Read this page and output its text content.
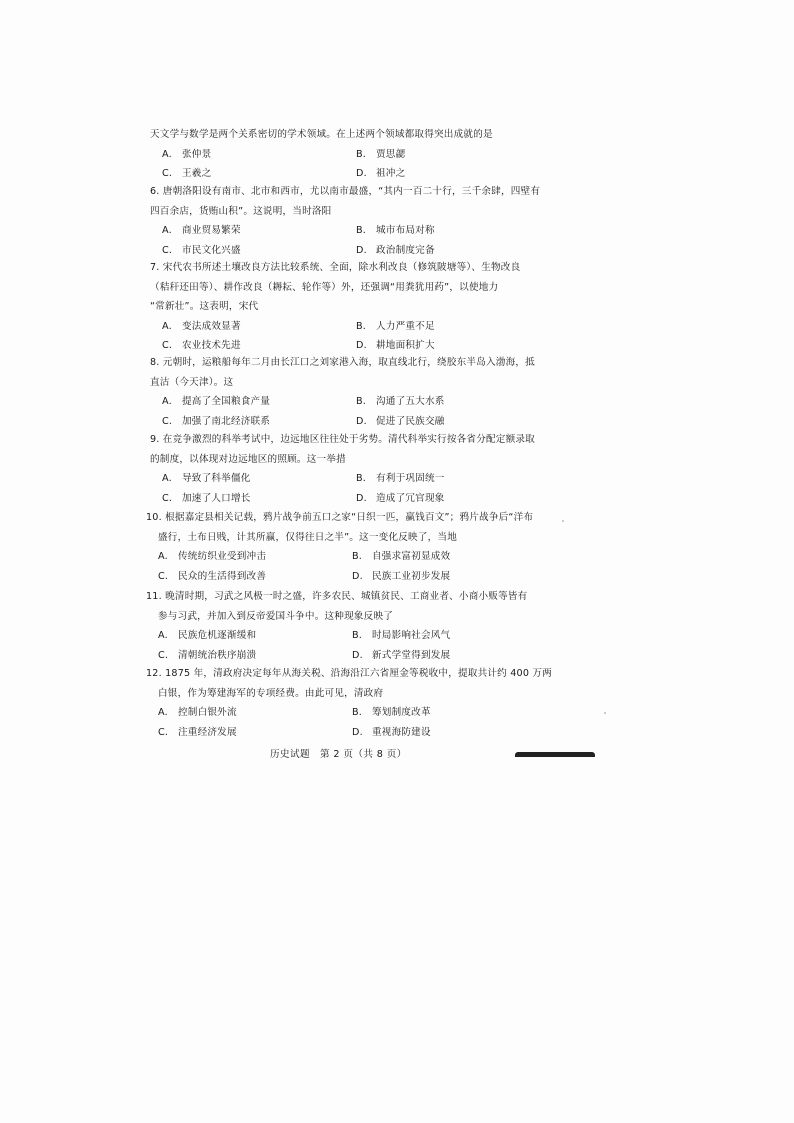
天文学与数学是两个关系密切的学术领域。在上述两个领域都取得突出成就的是
A.	张仲景	B.	贾思勰
C.	王羲之	D. 祖冲之
6. 唐朝洛阳设有南市、北市和西市，尤以南市最盛，“其内一百二十行，三千余肆，四壁有
四百余店，货贿山积”。这说明，当时洛阳
A.	商业贸易繁荣	B.	城市布局对称
C.	市民文化兴盛	D. 政治制度完备
7. 宋代农书所述土壤改良方法比较系统、全面，除水利改良（修筑陂塘等）、生物改良
（秸秆还田等）、耕作改良（耨耘、轮作等）外，还强调“用粪犹用药”，以使地力
“常新壮”。这表明，宋代
A.	变法成效显著	B.	人力严重不足
C.	农业技术先进	D. 耕地面积扩大
8. 元朝时，运粮船每年二月由长江口之刘家港入海，取直线北行，绕胶东半岛入渤海，抵
直沽（今天津）。这
A.	提高了全国粮食产量	B.	沟通了五大水系
C.	加强了南北经济联系	D. 促进了民族交融
9. 在竞争激烈的科举考试中，边远地区往往处于劣势。清代科举实行按各省分配定额录取
的制度，以体现对边远地区的照顾。这一举措
A.	导致了科举僵化	B.	有利于巩固统一
C.	加速了人口增长	D. 造成了冗官现象
10. 根据嘉定县相关记载，鸦片战争前五口之家“日织一匹，赢钱百文”；鸦片战争后“洋布
盛行，土布日贱，计其所赢，仅得往日之半”。这一变化反映了，当地
A.	传统纺织业受到冲击	B.	自强求富初显成效
C.	民众的生活得到改善	D. 民族工业初步发展
11. 晚清时期，习武之风极一时之盛，许多农民、城镇贫民、工商业者、小商小贩等皆有
参与习武，并加入到反帝爱国斗争中。这种现象反映了
A.	民族危机逐渐缓和	B.	时局影响社会风气
C.	清朝统治秩序崩溃	D. 新式学堂得到发展
12. 1875 年，清政府决定每年从海关税、沿海沿江六省厘金等税收中，提取共计约 400 万两
白银，作为筹建海军的专项经费。由此可见，清政府
A.	控制白银外流	B.	筹划制度改革
C.	注重经济发展	D. 重视海防建设
历史试题　第 2 页（共 8 页）
